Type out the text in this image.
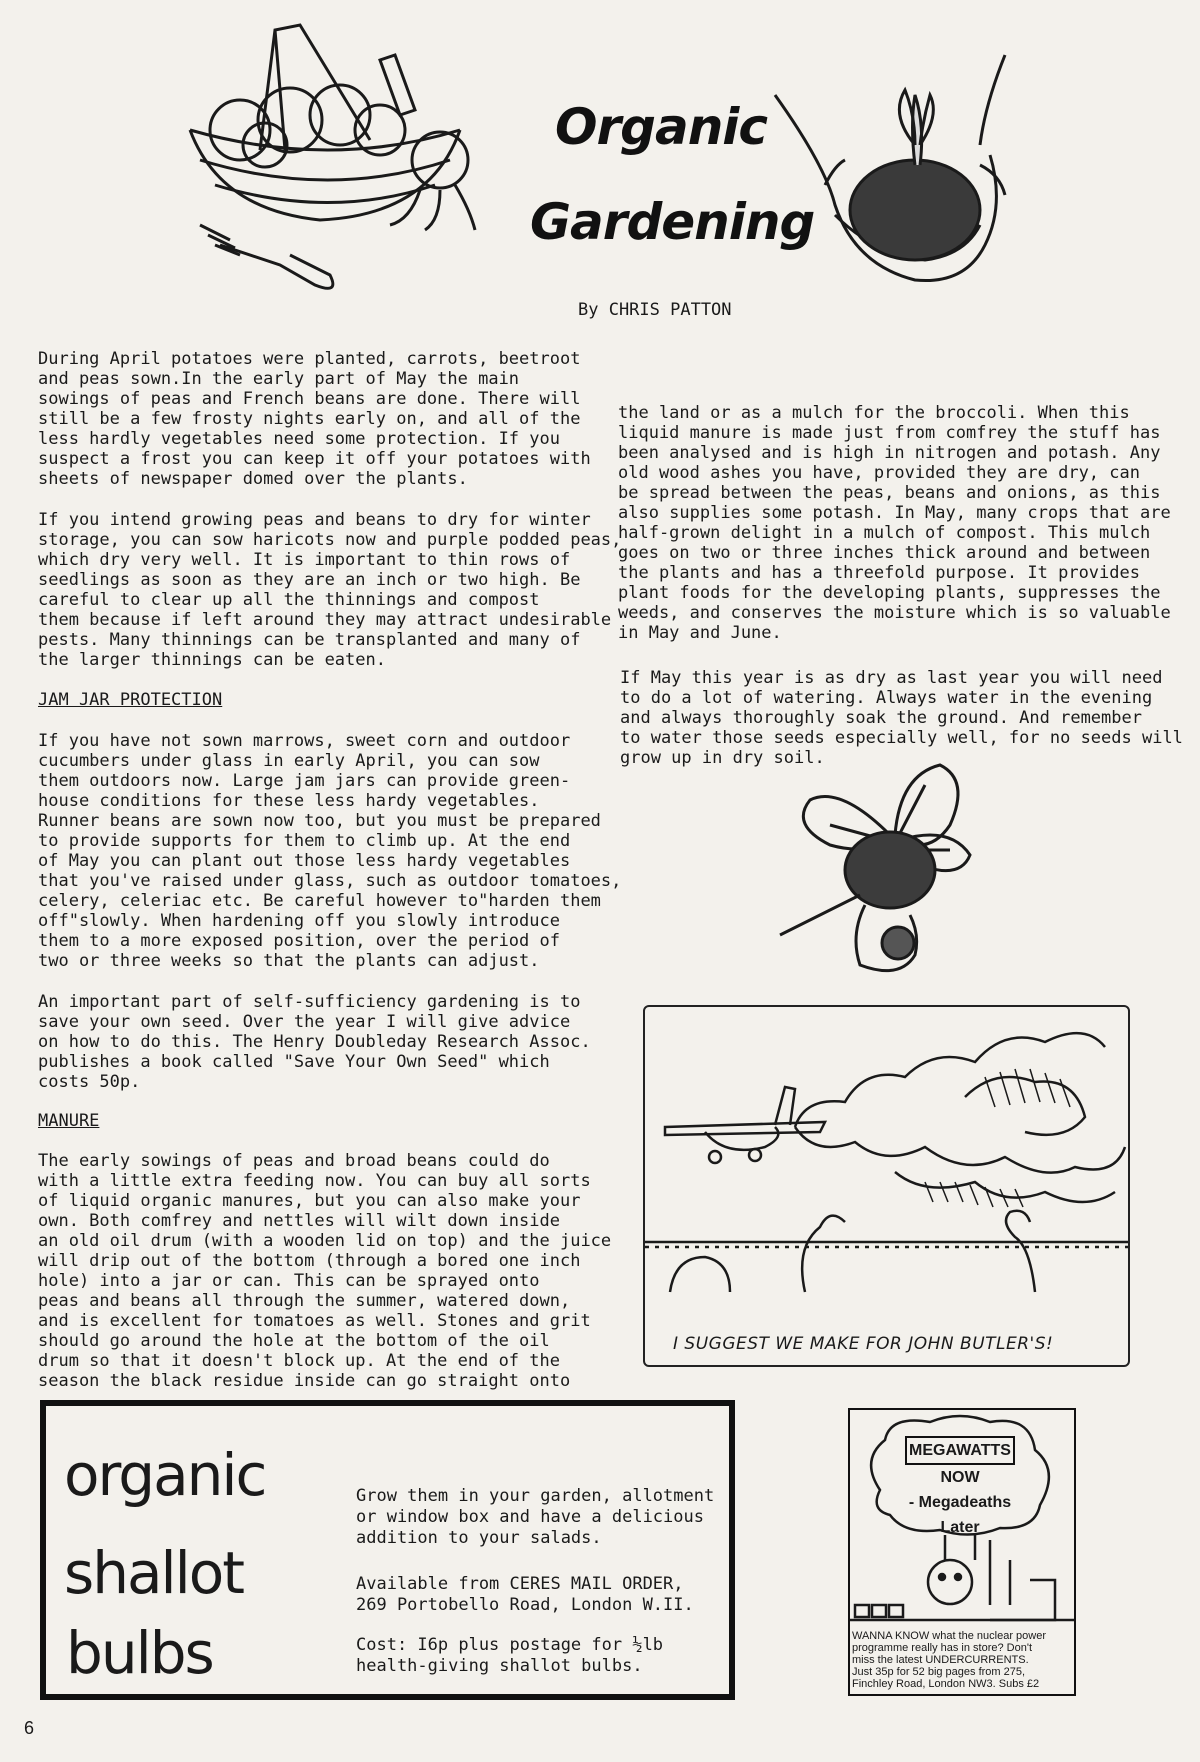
Organic
Gardening
By CHRIS PATTON

During April potatoes were planted, carrots, beetroot
and peas sown.In the early part of May the main
sowings of peas and French beans are done. There will
still be a few frosty nights early on, and all of the
less hardly vegetables need some protection. If you
suspect a frost you can keep it off your potatoes with
sheets of newspaper domed over the plants.

If you intend growing peas and beans to dry for winter
storage, you can sow haricots now and purple podded peas,
which dry very well. It is important to thin rows of
seedlings as soon as they are an inch or two high. Be
careful to clear up all the thinnings and compost
them because if left around they may attract undesirable
pests. Many thinnings can be transplanted and many of
the larger thinnings can be eaten.

JAM JAR PROTECTION

If you have not sown marrows, sweet corn and outdoor
cucumbers under glass in early April, you can sow
them outdoors now. Large jam jars can provide green-
house conditions for these less hardy vegetables.
Runner beans are sown now too, but you must be prepared
to provide supports for them to climb up. At the end
of May you can plant out those less hardy vegetables
that you've raised under glass, such as outdoor tomatoes,
celery, celeriac etc. Be careful however to"harden them
off"slowly. When hardening off you slowly introduce
them to a more exposed position, over the period of
two or three weeks so that the plants can adjust.

An important part of self-sufficiency gardening is to
save your own seed. Over the year I will give advice
on how to do this. The Henry Doubleday Research Assoc.
publishes a book called "Save Your Own Seed" which
costs 50p.

MANURE

The early sowings of peas and broad beans could do
with a little extra feeding now. You can buy all sorts
of liquid organic manures, but you can also make your
own. Both comfrey and nettles will wilt down inside
an old oil drum (with a wooden lid on top) and the juice
will drip out of the bottom (through a bored one inch
hole) into a jar or can. This can be sprayed onto
peas and beans all through the summer, watered down,
and is excellent for tomatoes as well. Stones and grit
should go around the hole at the bottom of the oil
drum so that it doesn't block up. At the end of the
season the black residue inside can go straight onto

the land or as a mulch for the broccoli. When this
liquid manure is made just from comfrey the stuff has
been analysed and is high in nitrogen and potash. Any
old wood ashes you have, provided they are dry, can
be spread between the peas, beans and onions, as this
also supplies some potash. In May, many crops that are
half-grown delight in a mulch of compost. This mulch
goes on two or three inches thick around and between
the plants and has a threefold purpose. It provides
plant foods for the developing plants, suppresses the
weeds, and conserves the moisture which is so valuable
in May and June.

If May this year is as dry as last year you will need
to do a lot of watering. Always water in the evening
and always thoroughly soak the ground. And remember
to water those seeds especially well, for no seeds will
grow up in dry soil.

I SUGGEST WE MAKE FOR JOHN BUTLER'S!
organic
shallot
bulbs

Grow them in your garden, allotment
or window box and have a delicious
addition to your salads.

Available from CERES MAIL ORDER,
269 Portobello Road, London W.II.

Cost: I6p plus postage for ½lb
health-giving shallot bulbs.

MEGAWATTS
NOW
- Megadeaths
Later

WANNA KNOW what the nuclear power
programme really has in store? Don't
miss the latest UNDERCURRENTS.
Just 35p for 52 big pages from 275,
Finchley Road, London NW3. Subs £2

6
